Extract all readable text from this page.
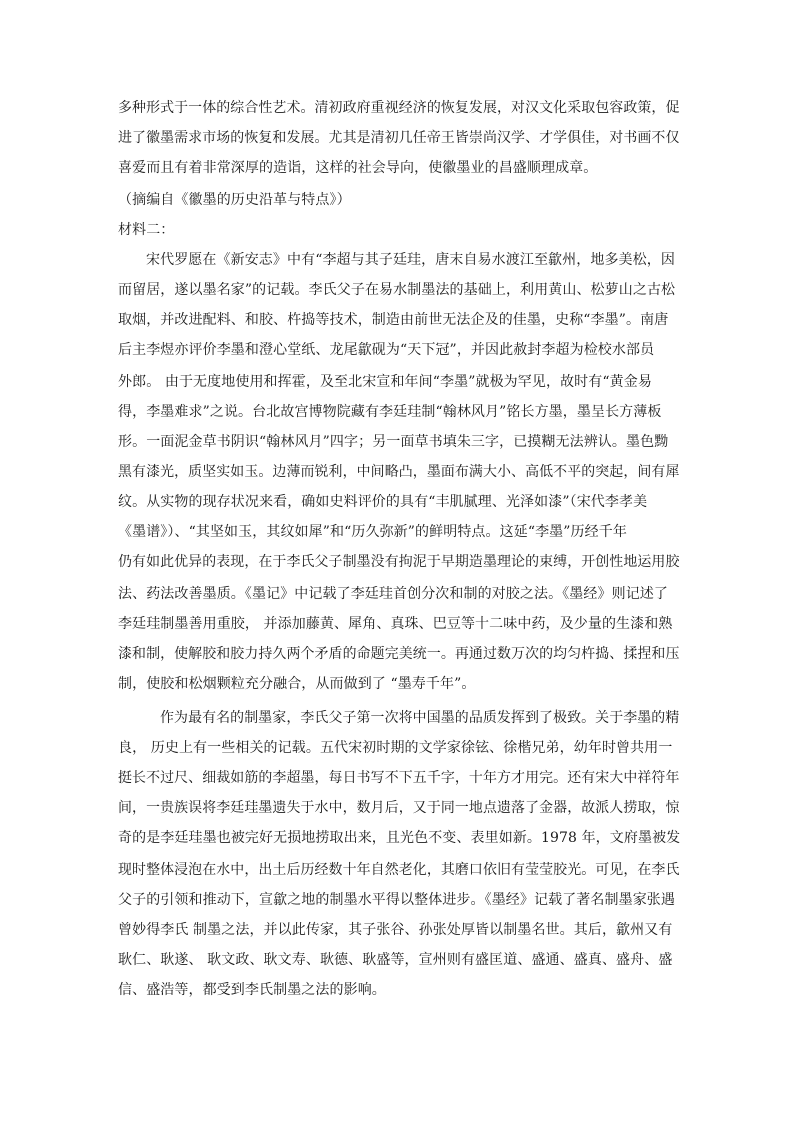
多种形式于一体的综合性艺术。清初政府重视经济的恢复发展，对汉文化采取包容政策，促
进了徽墨需求市场的恢复和发展。尤其是清初几任帝王皆崇尚汉学、才学俱佳，对书画不仅
喜爱而且有着非常深厚的造诣，这样的社会导向，使徽墨业的昌盛顺理成章。
（摘编自《徽墨的历史沿革与特点》）
材料二：
宋代罗愿在《新安志》中有“李超与其子廷珪，唐末自易水渡江至歙州，地多美松，因
而留居，遂以墨名家”的记载。李氏父子在易水制墨法的基础上，利用黄山、松萝山之古松
取烟，并改进配料、和胶、杵捣等技术，制造由前世无法企及的佳墨，史称“李墨”。南唐
后主李煜亦评价李墨和澄心堂纸、龙尾歙砚为“天下冠”，并因此赦封李超为检校水部员
外郎。 由于无度地使用和挥霍，及至北宋宣和年间“李墨”就极为罕见，故时有“黄金易
得，李墨难求”之说。台北故宫博物院藏有李廷珪制“翰林风月”铭长方墨，墨呈长方薄板
形。一面泥金草书阴识“翰林风月”四字；另一面草书填朱三字，已摸糊无法辨认。墨色黝
黑有漆光，质坚实如玉。边薄而锐利，中间略凸，墨面布满大小、高低不平的突起，间有犀
纹。从实物的现存状况来看，确如史料评价的具有“丰肌腻理、光泽如漆”（宋代李孝美
《墨谱》）、“其坚如玉，其纹如犀”和“历久弥新”的鲜明特点。这延“李墨”历经千年
仍有如此优异的表现，在于李氏父子制墨没有拘泥于早期造墨理论的束缚，开创性地运用胶
法、药法改善墨质。《墨记》中记载了李廷珪首创分次和制的对胶之法。《墨经》则记述了
李廷珪制墨善用重胶， 并添加藤黄、犀角、真珠、巴豆等十二味中药，及少量的生漆和熟
漆和制，使解胶和胶力持久两个矛盾的命题完美统一。再通过数万次的均匀杵捣、揉捏和压
制，使胶和松烟颗粒充分融合，从而做到了 “墨寿千年”。
作为最有名的制墨家，李氏父子第一次将中国墨的品质发挥到了极致。关于李墨的精
良， 历史上有一些相关的记载。五代宋初时期的文学家徐铉、徐楷兄弟，幼年时曾共用一
挺长不过尺、细裁如筋的李超墨，每日书写不下五千字，十年方才用完。还有宋大中祥符年
间，一贵族误将李廷珪墨遗失于水中，数月后，又于同一地点遗落了金器，故派人捞取，惊
奇的是李廷珪墨也被完好无损地捞取出来，且光色不变、表里如新。1978 年，文府墨被发
现时整体浸泡在水中，出土后历经数十年自然老化，其磨口依旧有莹莹胶光。可见，在李氏
父子的引领和推动下，宣歙之地的制墨水平得以整体进步。《墨经》记载了著名制墨家张遇
曾妙得李氏 制墨之法，并以此传家，其子张谷、孙张处厚皆以制墨名世。其后，歙州又有
耿仁、耿遂、 耿文政、耿文寿、耿德、耿盛等，宣州则有盛匡道、盛通、盛真、盛舟、盛
信、盛浩等，都受到李氏制墨之法的影响。
